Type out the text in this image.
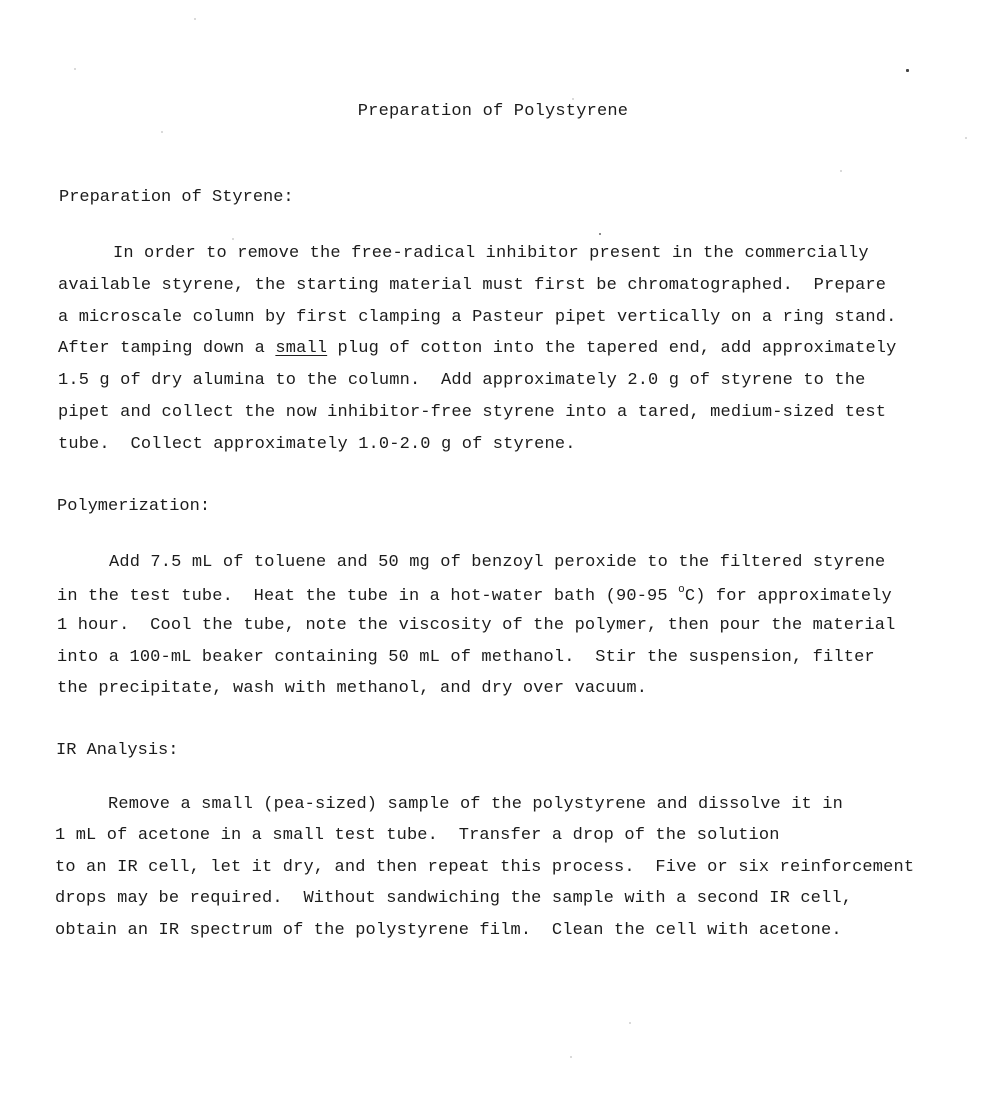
Preparation of Polystyrene
Preparation of Styrene:
In order to remove the free-radical inhibitor present in the commercially
available styrene, the starting material must first be chromatographed.  Prepare
a microscale column by first clamping a Pasteur pipet vertically on a ring stand.
After tamping down a small plug of cotton into the tapered end, add approximately
1.5 g of dry alumina to the column.  Add approximately 2.0 g of styrene to the
pipet and collect the now inhibitor-free styrene into a tared, medium-sized test
tube.  Collect approximately 1.0-2.0 g of styrene.
Polymerization:
Add 7.5 mL of toluene and 50 mg of benzoyl peroxide to the filtered styrene
in the test tube.  Heat the tube in a hot-water bath (90-95 $^o$C) for approximately
1 hour.  Cool the tube, note the viscosity of the polymer, then pour the material
into a 100-mL beaker containing 50 mL of methanol.  Stir the suspension, filter
the precipitate, wash with methanol, and dry over vacuum.
IR Analysis:
Remove a small (pea-sized) sample of the polystyrene and dissolve it in
1 mL of acetone in a small test tube.  Transfer a drop of the solution
to an IR cell, let it dry, and then repeat this process.  Five or six reinforcement
drops may be required.  Without sandwiching the sample with a second IR cell,
obtain an IR spectrum of the polystyrene film.  Clean the cell with acetone.
